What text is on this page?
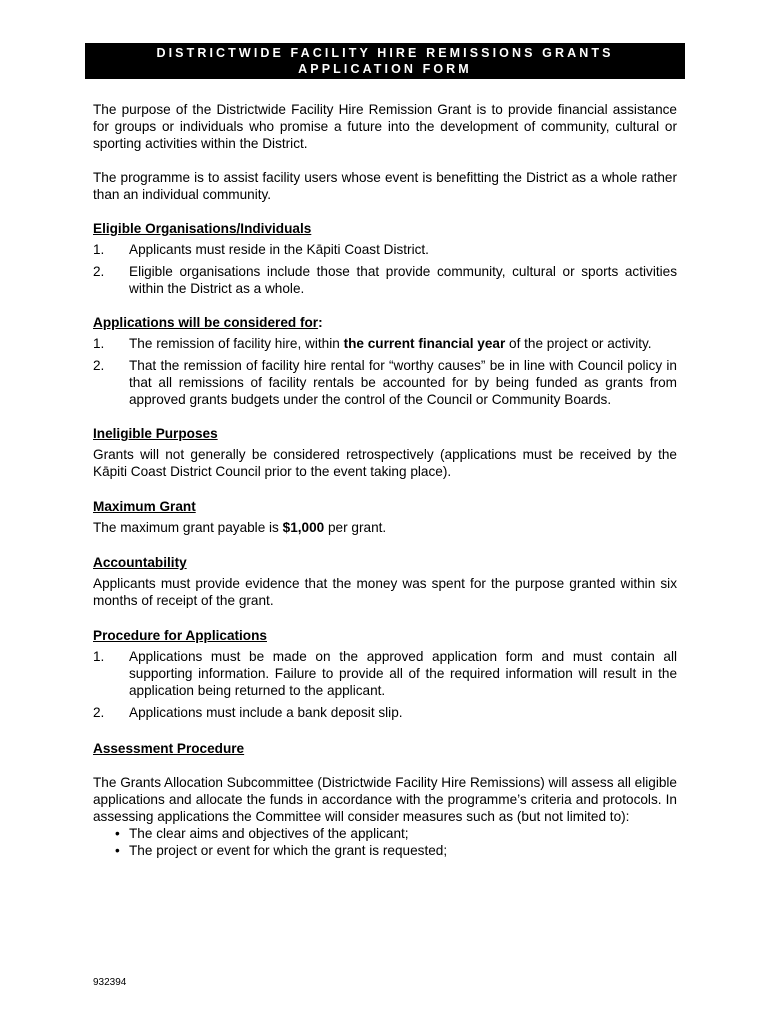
DISTRICTWIDE FACILITY HIRE REMISSIONS GRANTS
APPLICATION FORM

The purpose of the Districtwide Facility Hire Remission Grant is to provide financial assistance for groups or individuals who promise a future into the development of community, cultural or sporting activities within the District.

The programme is to assist facility users whose event is benefitting the District as a whole rather than an individual community.

Eligible Organisations/Individuals
1. Applicants must reside in the Kāpiti Coast District.
2. Eligible organisations include those that provide community, cultural or sports activities within the District as a whole.
Applications will be considered for:
1. The remission of facility hire, within the current financial year of the project or activity.
2. That the remission of facility hire rental for “worthy causes” be in line with Council policy in that all remissions of facility rentals be accounted for by being funded as grants from approved grants budgets under the control of the Council or Community Boards.
Ineligible Purposes

Grants will not generally be considered retrospectively (applications must be received by the Kāpiti Coast District Council prior to the event taking place).

Maximum Grant

The maximum grant payable is $1,000 per grant.

Accountability

Applicants must provide evidence that the money was spent for the purpose granted within six months of receipt of the grant.

Procedure for Applications
1. Applications must be made on the approved application form and must contain all supporting information. Failure to provide all of the required information will result in the application being returned to the applicant.
2. Applications must include a bank deposit slip.
Assessment Procedure

The Grants Allocation Subcommittee (Districtwide Facility Hire Remissions) will assess all eligible applications and allocate the funds in accordance with the programme’s criteria and protocols. In assessing applications the Committee will consider measures such as (but not limited to):

• The clear aims and objectives of the applicant;
• The project or event for which the grant is requested;
932394
